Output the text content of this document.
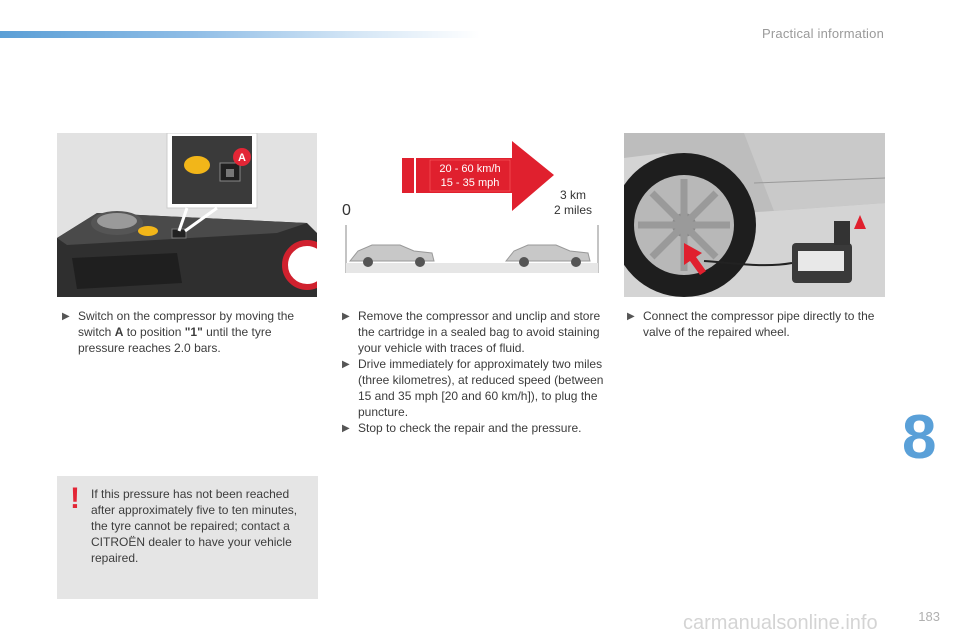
Practical information
A
20 - 60 km/h
15 - 35 mph
3 km
2 miles
0
▶ Switch on the compressor by moving the switch A to position "1" until the tyre pressure reaches 2.0 bars.
▶ Remove the compressor and unclip and store the cartridge in a sealed bag to avoid staining your vehicle with traces of fluid.
▶ Drive immediately for approximately two miles (three kilometres), at reduced speed (between 15 and 35 mph [20 and 60 km/h]), to plug the puncture.
▶ Stop to check the repair and the pressure.
▶ Connect the compressor pipe directly to the valve of the repaired wheel.
! If this pressure has not been reached after approximately five to ten minutes, the tyre cannot be repaired; contact a CITROËN dealer to have your vehicle repaired.
8
carmanualsonline.info	183
